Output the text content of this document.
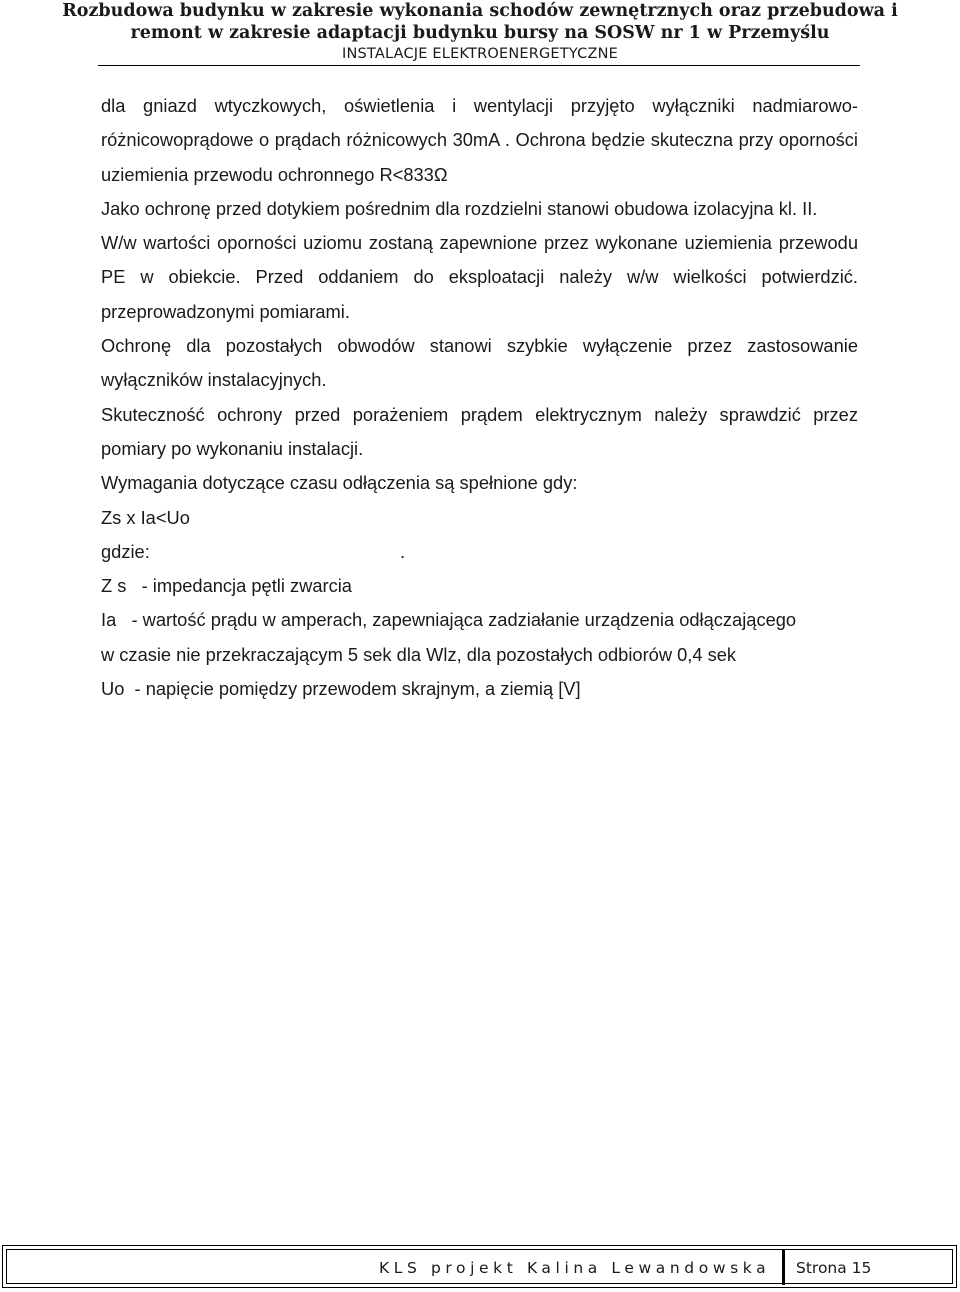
Rozbudowa budynku w zakresie wykonania schodów zewnętrznych oraz przebudowa i
remont w zakresie adaptacji budynku bursy na SOSW nr 1 w Przemyślu
INSTALACJE ELEKTROENERGETYCZNE

dla gniazd wtyczkowych, oświetlenia i wentylacji przyjęto wyłączniki nadmiarowo-różnicowoprądowe o prądach różnicowych 30mA . Ochrona będzie skuteczna przy oporności uziemienia przewodu ochronnego R<833Ω

Jako ochronę przed dotykiem pośrednim dla rozdzielni stanowi obudowa izolacyjna kl. II.

W/w wartości oporności uziomu zostaną zapewnione przez wykonane uziemienia przewodu PE w obiekcie. Przed oddaniem do eksploatacji należy w/w wielkości potwierdzić. przeprowadzonymi pomiarami.

Ochronę dla pozostałych obwodów stanowi szybkie wyłączenie przez zastosowanie wyłączników instalacyjnych.

Skuteczność ochrony przed porażeniem prądem elektrycznym należy sprawdzić przez pomiary po wykonaniu instalacji.

Wymagania dotyczące czasu odłączenia są spełnione gdy:

Zs x Ia<Uo

gdzie:	.

Z s   - impedancja pętli zwarcia

Ia   - wartość prądu w amperach, zapewniająca zadziałanie urządzenia odłączającego

w czasie nie przekraczającym 5 sek dla Wlz, dla pozostałych odbiorów 0,4 sek

Uo  - napięcie pomiędzy przewodem skrajnym, a ziemią [V]

KLS projekt Kalina Lewandowska Strona 15
